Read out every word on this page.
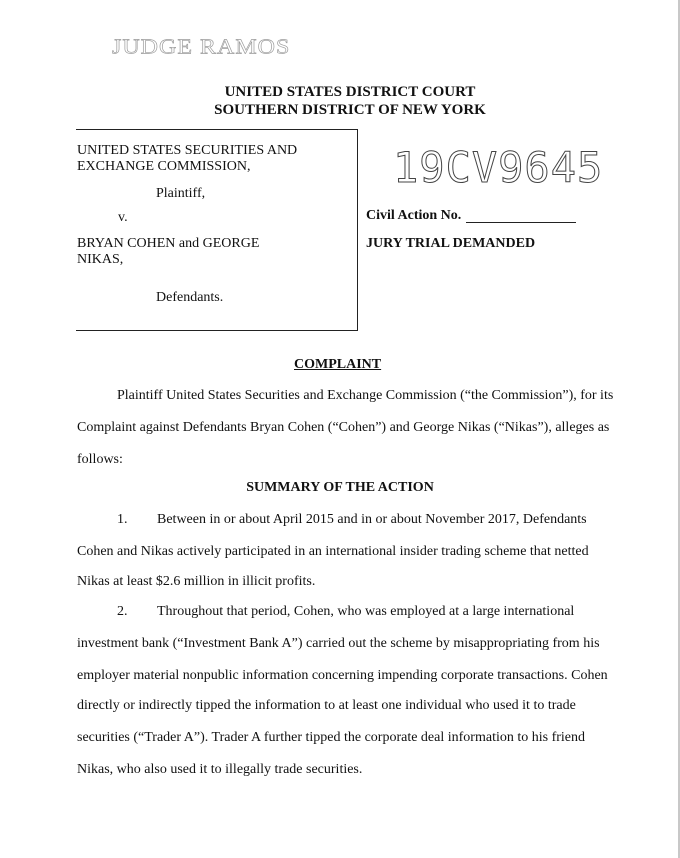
JUDGE RAMOS
UNITED STATES DISTRICT COURT
SOUTHERN DISTRICT OF NEW YORK
UNITED STATES SECURITIES AND EXCHANGE COMMISSION,
Plaintiff,
v.
BRYAN COHEN and GEORGE NIKAS,
Defendants.
19CV9645
Civil Action No.
JURY TRIAL DEMANDED
COMPLAINT
Plaintiff United States Securities and Exchange Commission (“the Commission”), for its
Complaint against Defendants Bryan Cohen (“Cohen”) and George Nikas (“Nikas”), alleges as
follows:
SUMMARY OF THE ACTION
1. Between in or about April 2015 and in or about November 2017, Defendants
Cohen and Nikas actively participated in an international insider trading scheme that netted
Nikas at least $2.6 million in illicit profits.
2. Throughout that period, Cohen, who was employed at a large international
investment bank (“Investment Bank A”) carried out the scheme by misappropriating from his
employer material nonpublic information concerning impending corporate transactions. Cohen
directly or indirectly tipped the information to at least one individual who used it to trade
securities (“Trader A”). Trader A further tipped the corporate deal information to his friend
Nikas, who also used it to illegally trade securities.
